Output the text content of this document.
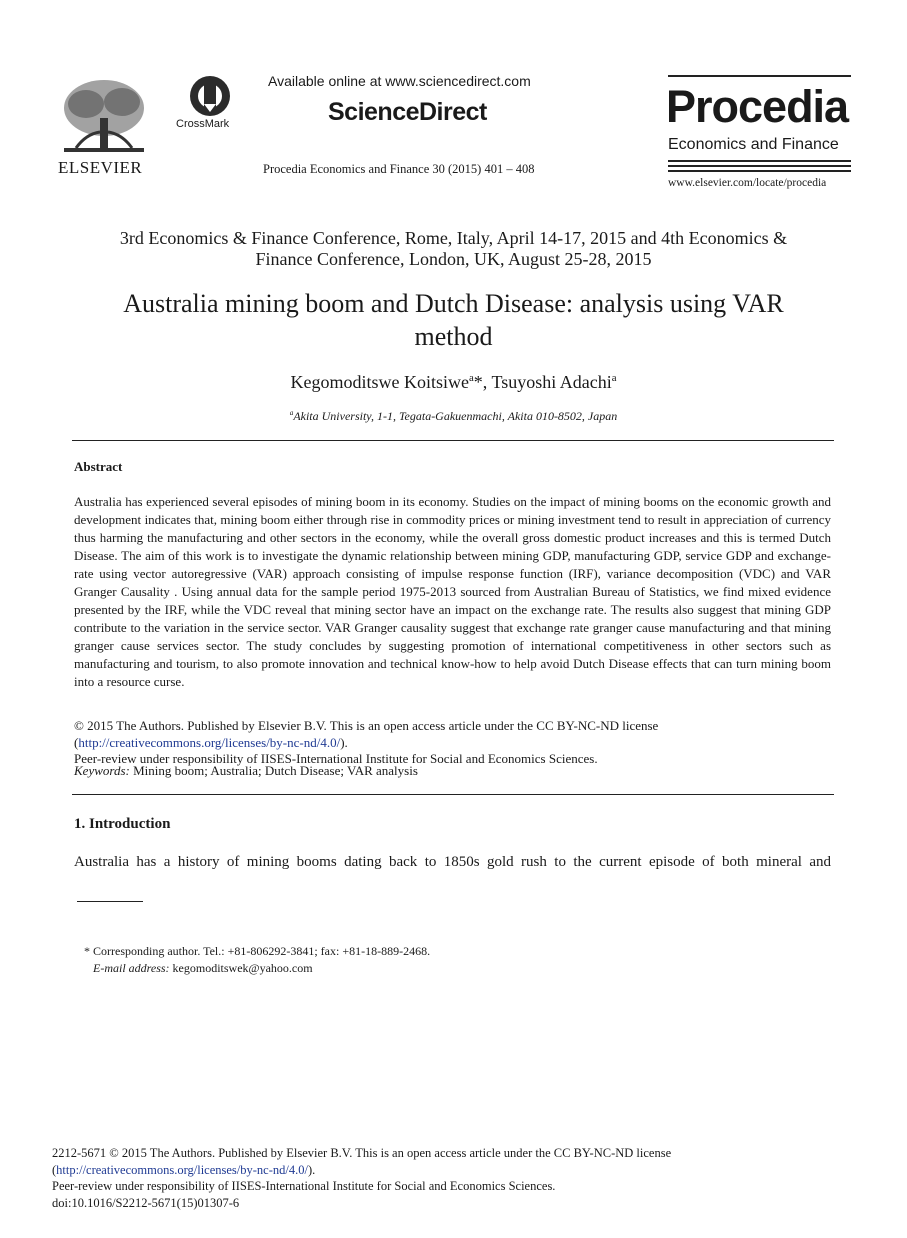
ELSEVIER
CrossMark
Available online at www.sciencedirect.com
ScienceDirect
Procedia Economics and Finance 30 (2015) 401 – 408
Procedia
Economics and Finance
www.elsevier.com/locate/procedia
3rd Economics & Finance Conference, Rome, Italy, April 14-17, 2015 and 4th Economics &
Finance Conference, London, UK, August 25-28, 2015
Australia mining boom and Dutch Disease: analysis using VAR
method
Kegomoditswe Koitsiwe$^a$*, Tsuyoshi Adachi$^a$
$^a$Akita University, 1-1, Tegata-Gakuenmachi, Akita 010-8502, Japan
Abstract
Australia has experienced several episodes of mining boom in its economy. Studies on the impact of mining booms on the economic growth and development indicates that, mining boom either through rise in commodity prices or mining investment tend to result in appreciation of currency thus harming the manufacturing and other sectors in the economy, while the overall gross domestic product increases and this is termed Dutch Disease. The aim of this work is to investigate the dynamic relationship between mining GDP, manufacturing GDP, service GDP and exchange-rate using vector autoregressive (VAR) approach consisting of impulse response function (IRF), variance decomposition (VDC) and VAR Granger Causality . Using annual data for the sample period 1975-2013 sourced from Australian Bureau of Statistics, we find mixed evidence presented by the IRF, while the VDC reveal that mining sector have an impact on the exchange rate. The results also suggest that mining GDP contribute to the variation in the service sector. VAR Granger causality suggest that exchange rate granger cause manufacturing and that mining granger cause services sector. The study concludes by suggesting promotion of international competitiveness in other sectors such as manufacturing and tourism, to also promote innovation and technical know-how to help avoid Dutch Disease effects that can turn mining boom into a resource curse.
© 2015 The Authors. Published by Elsevier B.V. This is an open access article under the CC BY-NC-ND license
(http://creativecommons.org/licenses/by-nc-nd/4.0/).
Peer-review under responsibility of IISES-International Institute for Social and Economics Sciences.
Keywords: Mining boom; Australia; Dutch Disease; VAR analysis
1. Introduction
Australia has a history of mining booms dating back to 1850s gold rush to the current episode of both mineral and
* Corresponding author. Tel.: +81-806292-3841; fax: +81-18-889-2468.
E-mail address: kegomoditswek@yahoo.com
2212-5671 © 2015 The Authors. Published by Elsevier B.V. This is an open access article under the CC BY-NC-ND license
(http://creativecommons.org/licenses/by-nc-nd/4.0/).
Peer-review under responsibility of IISES-International Institute for Social and Economics Sciences.
doi:10.1016/S2212-5671(15)01307-6
